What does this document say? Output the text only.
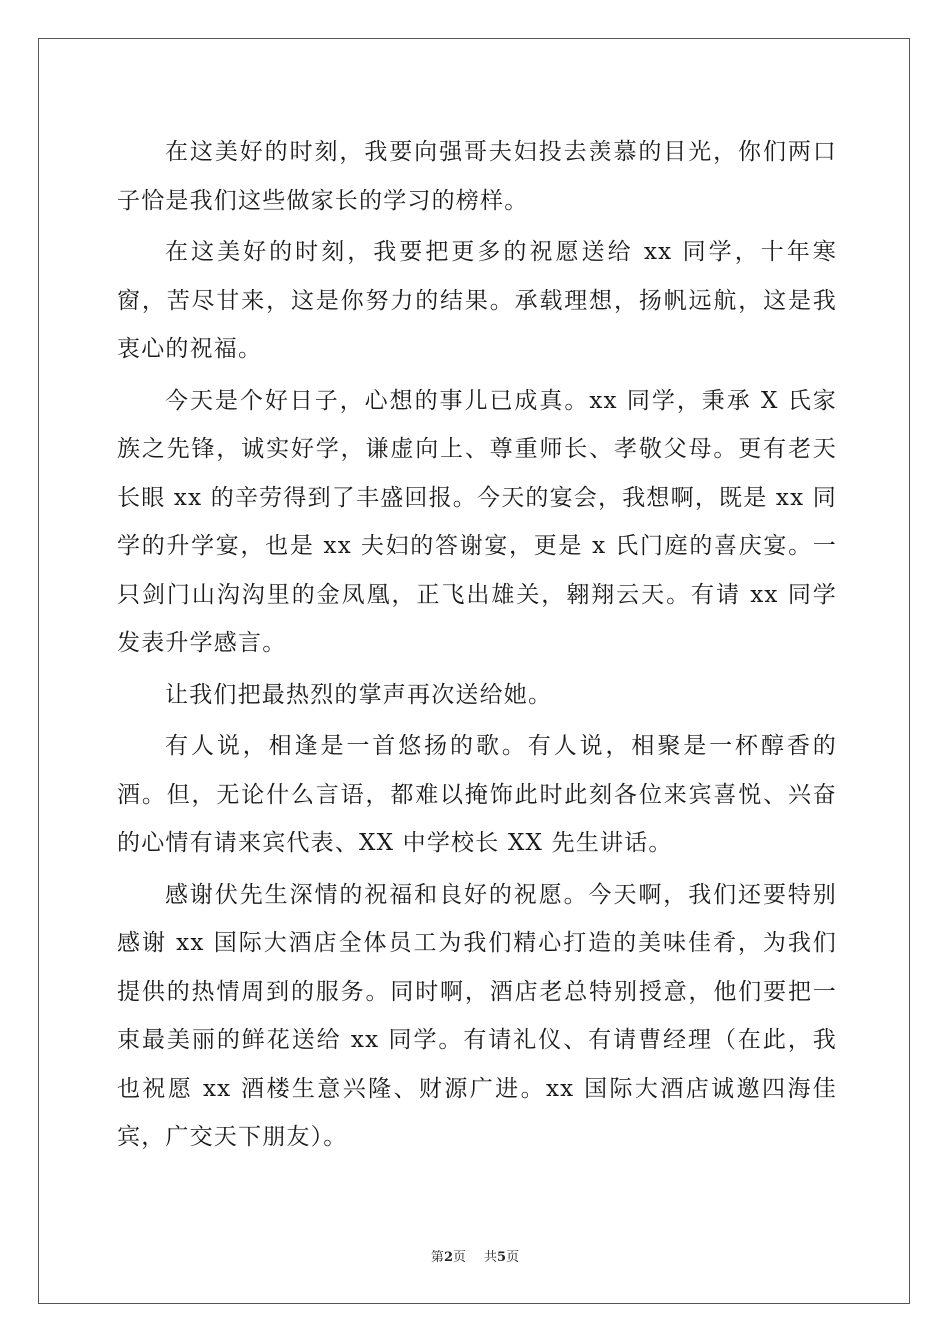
在这美好的时刻，我要向强哥夫妇投去羡慕的目光，你们两口子恰是我们这些做家长的学习的榜样。

在这美好的时刻，我要把更多的祝愿送给 xx 同学，十年寒窗，苦尽甘来，这是你努力的结果。承载理想，扬帆远航，这是我衷心的祝福。

今天是个好日子，心想的事儿已成真。xx 同学，秉承 X 氏家族之先锋，诚实好学，谦虚向上、尊重师长、孝敬父母。更有老天长眼 xx 的辛劳得到了丰盛回报。今天的宴会，我想啊，既是 xx 同学的升学宴，也是 xx 夫妇的答谢宴，更是 x 氏门庭的喜庆宴。一只剑门山沟沟里的金凤凰，正飞出雄关，翱翔云天。有请 xx 同学发表升学感言。

让我们把最热烈的掌声再次送给她。

有人说，相逢是一首悠扬的歌。有人说，相聚是一杯醇香的酒。但，无论什么言语，都难以掩饰此时此刻各位来宾喜悦、兴奋的心情有请来宾代表、XX 中学校长 XX 先生讲话。

感谢伏先生深情的祝福和良好的祝愿。今天啊，我们还要特别感谢 xx 国际大酒店全体员工为我们精心打造的美味佳肴，为我们提供的热情周到的服务。同时啊，酒店老总特别授意，他们要把一束最美丽的鲜花送给 xx 同学。有请礼仪、有请曹经理（在此，我也祝愿 xx 酒楼生意兴隆、财源广进。xx 国际大酒店诚邀四海佳宾，广交天下朋友）。

第2页 共5页
